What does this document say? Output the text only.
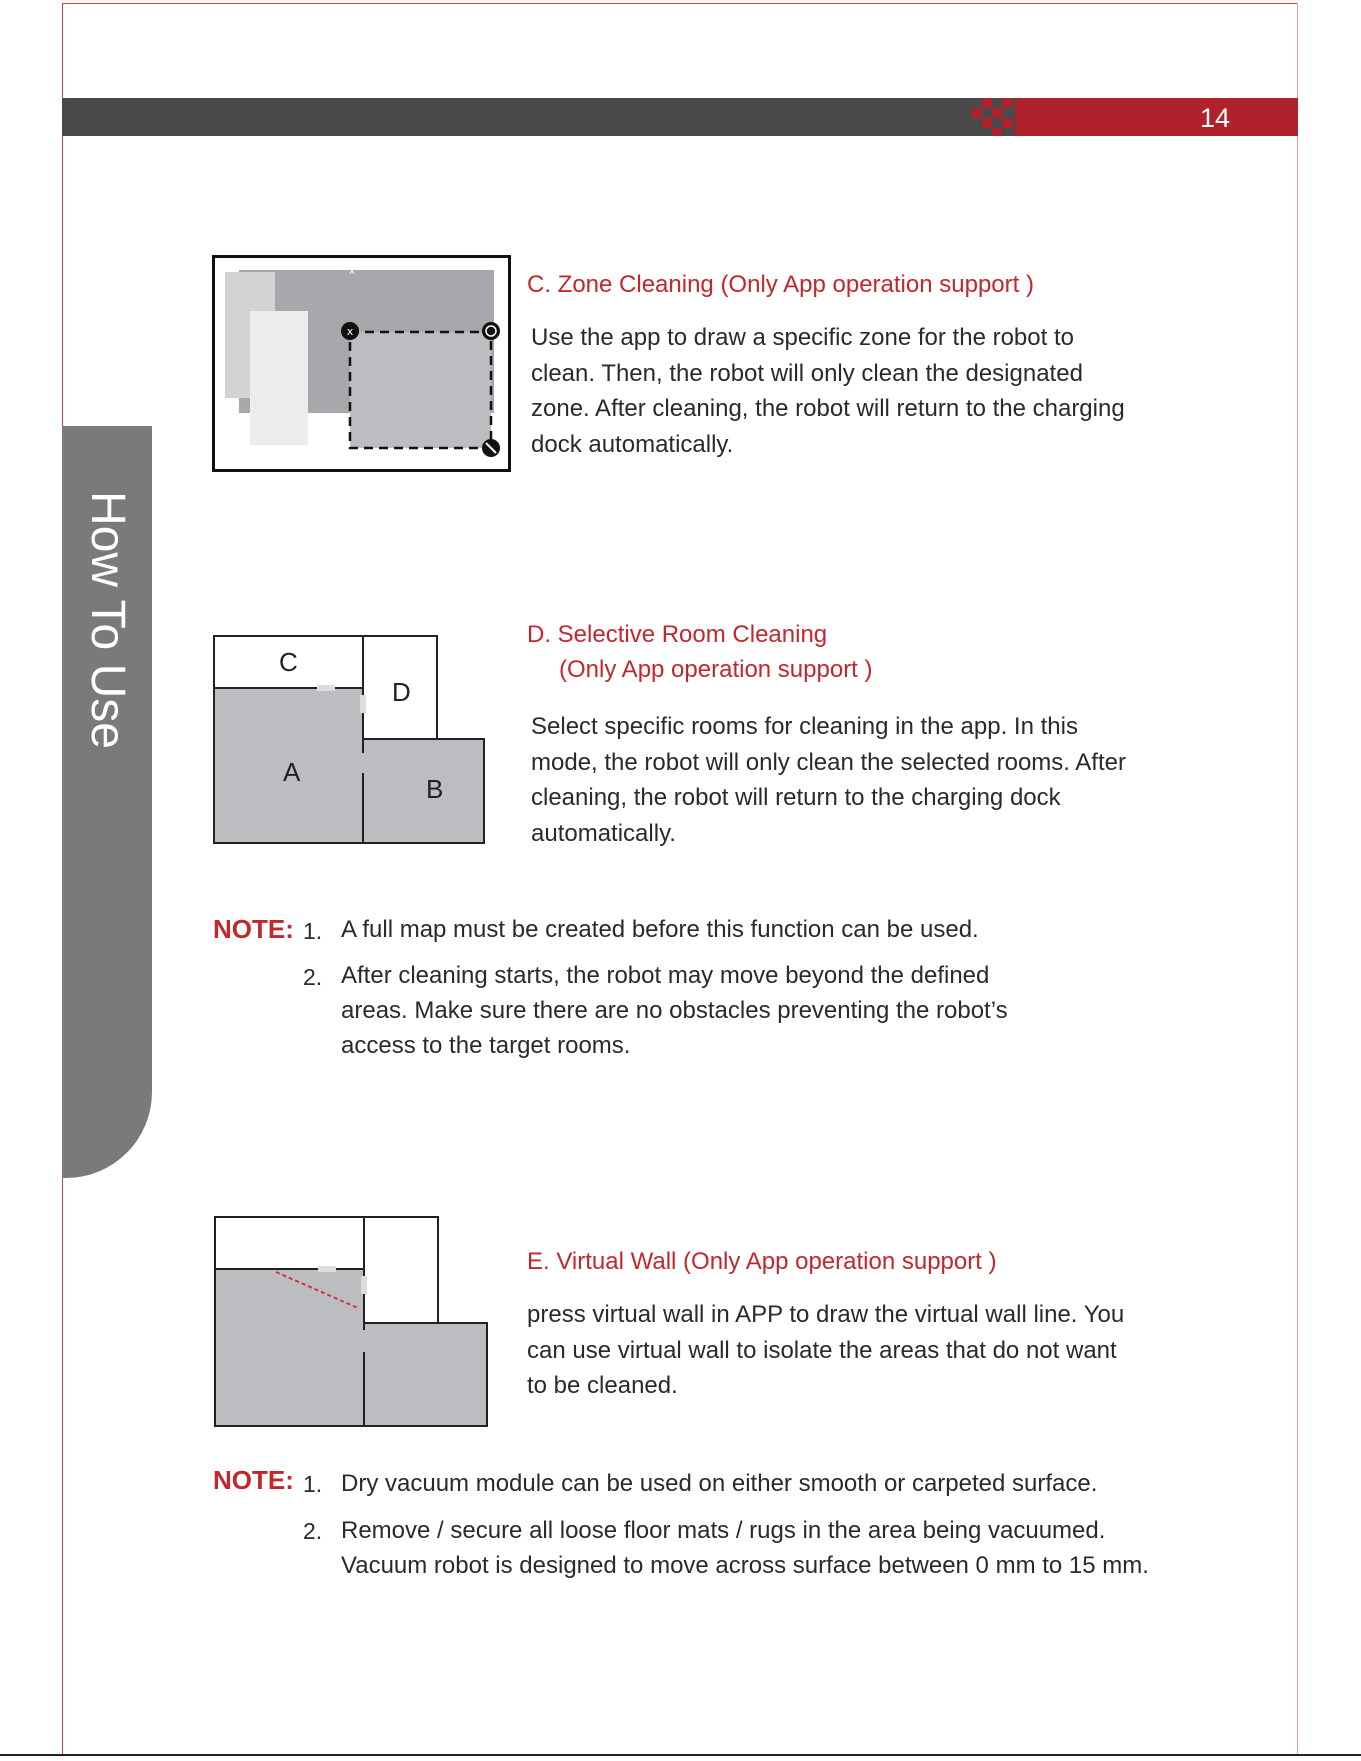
14
How To Use
x
x
C. Zone Cleaning (Only App operation support )
Use the app to draw a specific zone for the robot to clean. Then, the robot will only clean the designated zone. After cleaning, the robot will return to the charging dock automatically.
C
D
A
B
D. Selective Room Cleaning
(Only App operation support )
Select specific rooms for cleaning in the app. In this mode, the robot will only clean the selected rooms. After cleaning, the robot will return to the charging dock automatically.
NOTE: 1. A full map must be created before this function can be used.
2. After cleaning starts, the robot may move beyond the defined
areas. Make sure there are no obstacles preventing the robot’s
access to the target rooms.
E. Virtual Wall (Only App operation support )
press virtual wall in APP to draw the virtual wall line. You can use virtual wall to isolate the areas that do not want to be cleaned.
NOTE: 1. Dry vacuum module can be used on either smooth or carpeted surface.
2. Remove / secure all loose floor mats / rugs in the area being vacuumed.
Vacuum robot is designed to move across surface between 0 mm to 15 mm.
